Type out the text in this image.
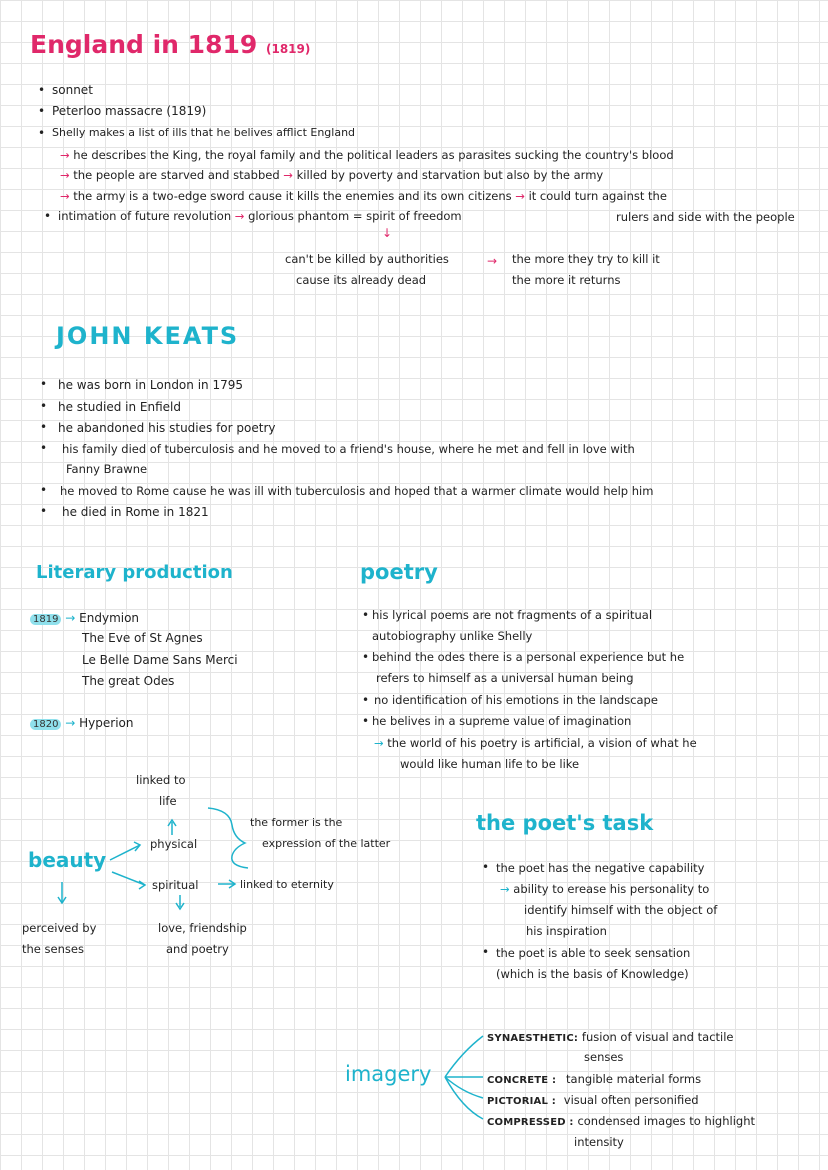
England in 1819 (1819)
• sonnet
• Peterloo massacre (1819)
• Shelly makes a list of ills that he belives afflict England
→ he describes the King, the royal family and the political leaders as parasites sucking the country's blood
→ the people are starved and stabbed → killed by poverty and starvation but also by the army
→ the army is a two-edge sword cause it kills the enemies and its own citizens → it could turn against the
rulers and side with the people
• intimation of future revolution → glorious phantom = spirit of freedom
↓
can't be killed by authorities
cause its already dead
→ the more they try to kill it
the more it returns
JOHN KEATS
• he was born in London in 1795
• he studied in Enfield
• he abandoned his studies for poetry
• his family died of tuberculosis and he moved to a friend's house, where he met and fell in love with
Fanny Brawne
• he moved to Rome cause he was ill with tuberculosis and hoped that a warmer climate would help him
• he died in Rome in 1821
Literary production
1819 → Endymion
The Eve of St Agnes
Le Belle Dame Sans Merci
The great Odes
1820 → Hyperion
poetry
• his lyrical poems are not fragments of a spiritual
autobiography unlike Shelly
• behind the odes there is a personal experience but he
refers to himself as a universal human being
• no identification of his emotions in the landscape
• he belives in a supreme value of imagination
→ the world of his poetry is artificial, a vision of what he
would like human life to be like
beauty
linked to
life
physical
spiritual
the former is the
expression of the latter
linked to eternity
perceived by
the senses
love, friendship
and poetry
the poet's task
• the poet has the negative capability
→ ability to erease his personality to
identify himself with the object of
his inspiration
• the poet is able to seek sensation
(which is the basis of Knowledge)
imagery
SYNAESTHETIC: fusion of visual and tactile
senses
CONCRETE : tangible material forms
PICTORIAL : visual often personified
COMPRESSED : condensed images to highlight
intensity
